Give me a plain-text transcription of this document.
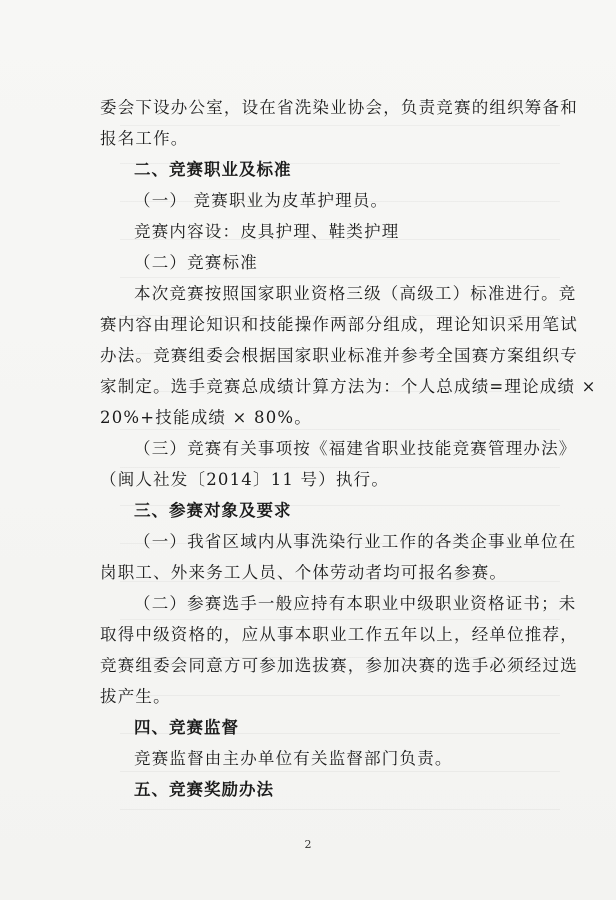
委会下设办公室，设在省洗染业协会，负责竞赛的组织筹备和
报名工作。
二、竞赛职业及标准
（一） 竞赛职业为皮革护理员。
竞赛内容设：皮具护理、鞋类护理
（二）竞赛标准
本次竞赛按照国家职业资格三级（高级工）标准进行。竞
赛内容由理论知识和技能操作两部分组成，理论知识采用笔试
办法。竞赛组委会根据国家职业标准并参考全国赛方案组织专
家制定。选手竞赛总成绩计算方法为：个人总成绩=理论成绩 ×
20%+技能成绩 × 80%。
（三）竞赛有关事项按《福建省职业技能竞赛管理办法》
（闽人社发〔2014〕11 号）执行。
三、参赛对象及要求
（一）我省区域内从事洗染行业工作的各类企事业单位在
岗职工、外来务工人员、个体劳动者均可报名参赛。
（二）参赛选手一般应持有本职业中级职业资格证书；未
取得中级资格的，应从事本职业工作五年以上，经单位推荐，
竞赛组委会同意方可参加选拔赛，参加决赛的选手必须经过选
拔产生。
四、竞赛监督
竞赛监督由主办单位有关监督部门负责。
五、竞赛奖励办法
2
